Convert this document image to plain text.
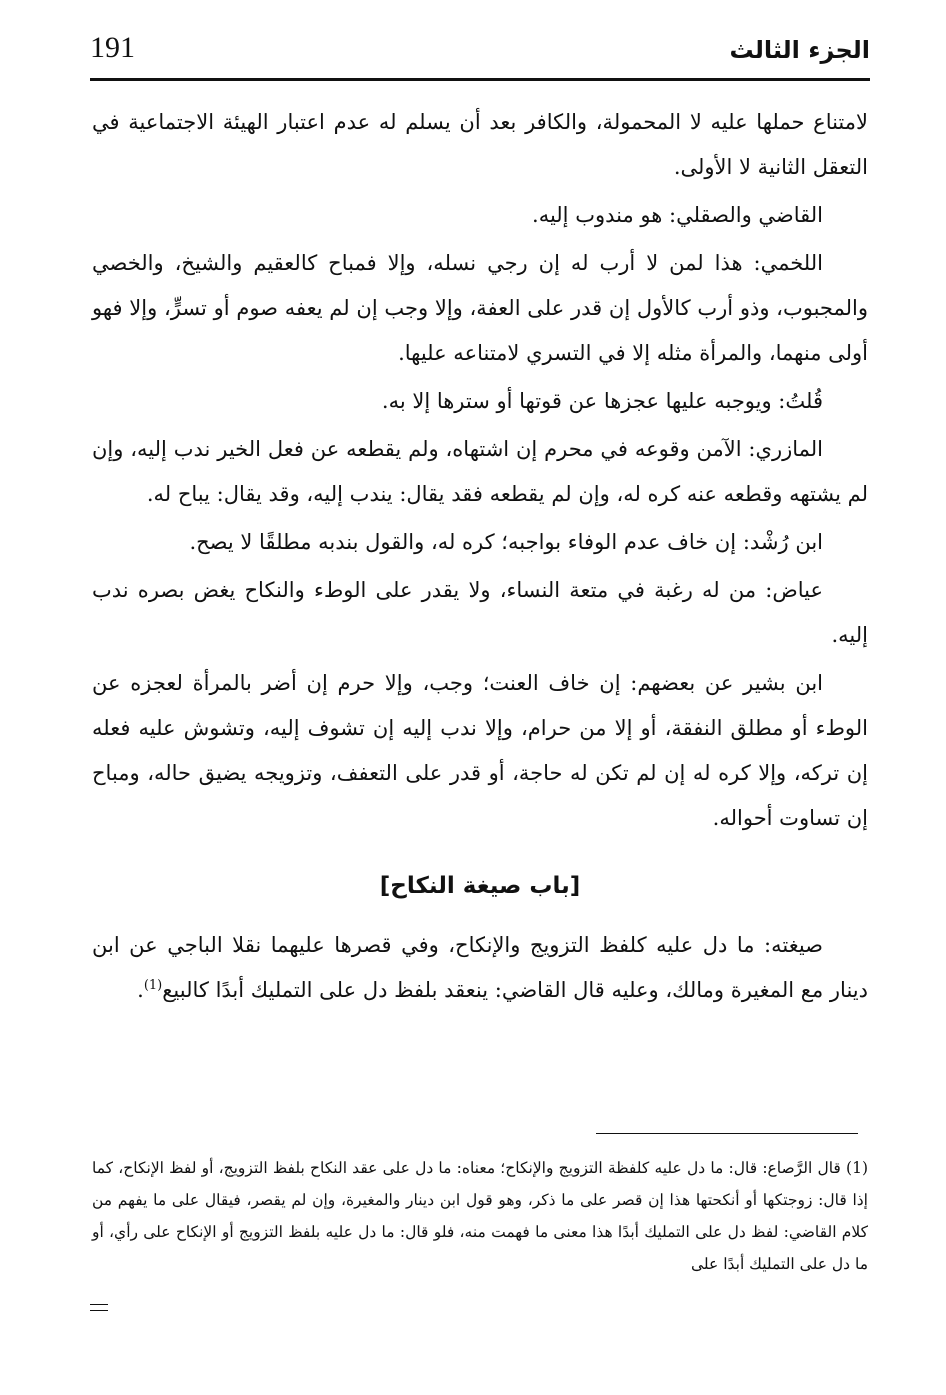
191	الجزء الثالث

لامتناع حملها عليه لا المحمولة، والكافر بعد أن يسلم له عدم اعتبار الهيئة الاجتماعية في التعقل الثانية لا الأولى.

القاضي والصقلي: هو مندوب إليه.

اللخمي: هذا لمن لا أرب له إن رجي نسله، وإلا فمباح كالعقيم والشيخ، والخصي والمجبوب، وذو أرب كالأول إن قدر على العفة، وإلا وجب إن لم يعفه صوم أو تسرٍّ، وإلا فهو أولى منهما، والمرأة مثله إلا في التسري لامتناعه عليها.

قُلتُ: ويوجبه عليها عجزها عن قوتها أو سترها إلا به.

المازري: الآمن وقوعه في محرم إن اشتهاه، ولم يقطعه عن فعل الخير ندب إليه، وإن لم يشتهه وقطعه عنه كره له، وإن لم يقطعه فقد يقال: يندب إليه، وقد يقال: يباح له.

ابن رُشْد: إن خاف عدم الوفاء بواجبه؛ كره له، والقول بندبه مطلقًا لا يصح.

عياض: من له رغبة في متعة النساء، ولا يقدر على الوطء والنكاح يغض بصره ندب إليه.

ابن بشير عن بعضهم: إن خاف العنت؛ وجب، وإلا حرم إن أضر بالمرأة لعجزه عن الوطء أو مطلق النفقة، أو إلا من حرام، وإلا ندب إليه إن تشوف إليه، وتشوش عليه فعله إن تركه، وإلا كره له إن لم تكن له حاجة، أو قدر على التعفف، وتزويجه يضيق حاله، ومباح إن تساوت أحواله.

[باب صيغة النكاح]

صيغته: ما دل عليه كلفظ التزويج والإنكاح، وفي قصرها عليهما نقلا الباجي عن ابن دينار مع المغيرة ومالك، وعليه قال القاضي: ينعقد بلفظ دل على التمليك أبدًا كالبيع$^{(1)}$.

(1) قال الرَّصاع: قال: ما دل عليه كلفظة التزويج والإنكاح؛ معناه: ما دل على عقد النكاح بلفظ التزويج، أو لفظ الإنكاح، كما إذا قال: زوجتكها أو أنكحتها هذا إن قصر على ما ذكر، وهو قول ابن دينار والمغيرة، وإن لم يقصر، فيقال على ما يفهم من كلام القاضي: لفظ دل على التمليك أبدًا هذا معنى ما فهمت منه، فلو قال: ما دل عليه بلفظ التزويج أو الإنكاح على رأي، أو ما دل على التمليك أبدًا على
